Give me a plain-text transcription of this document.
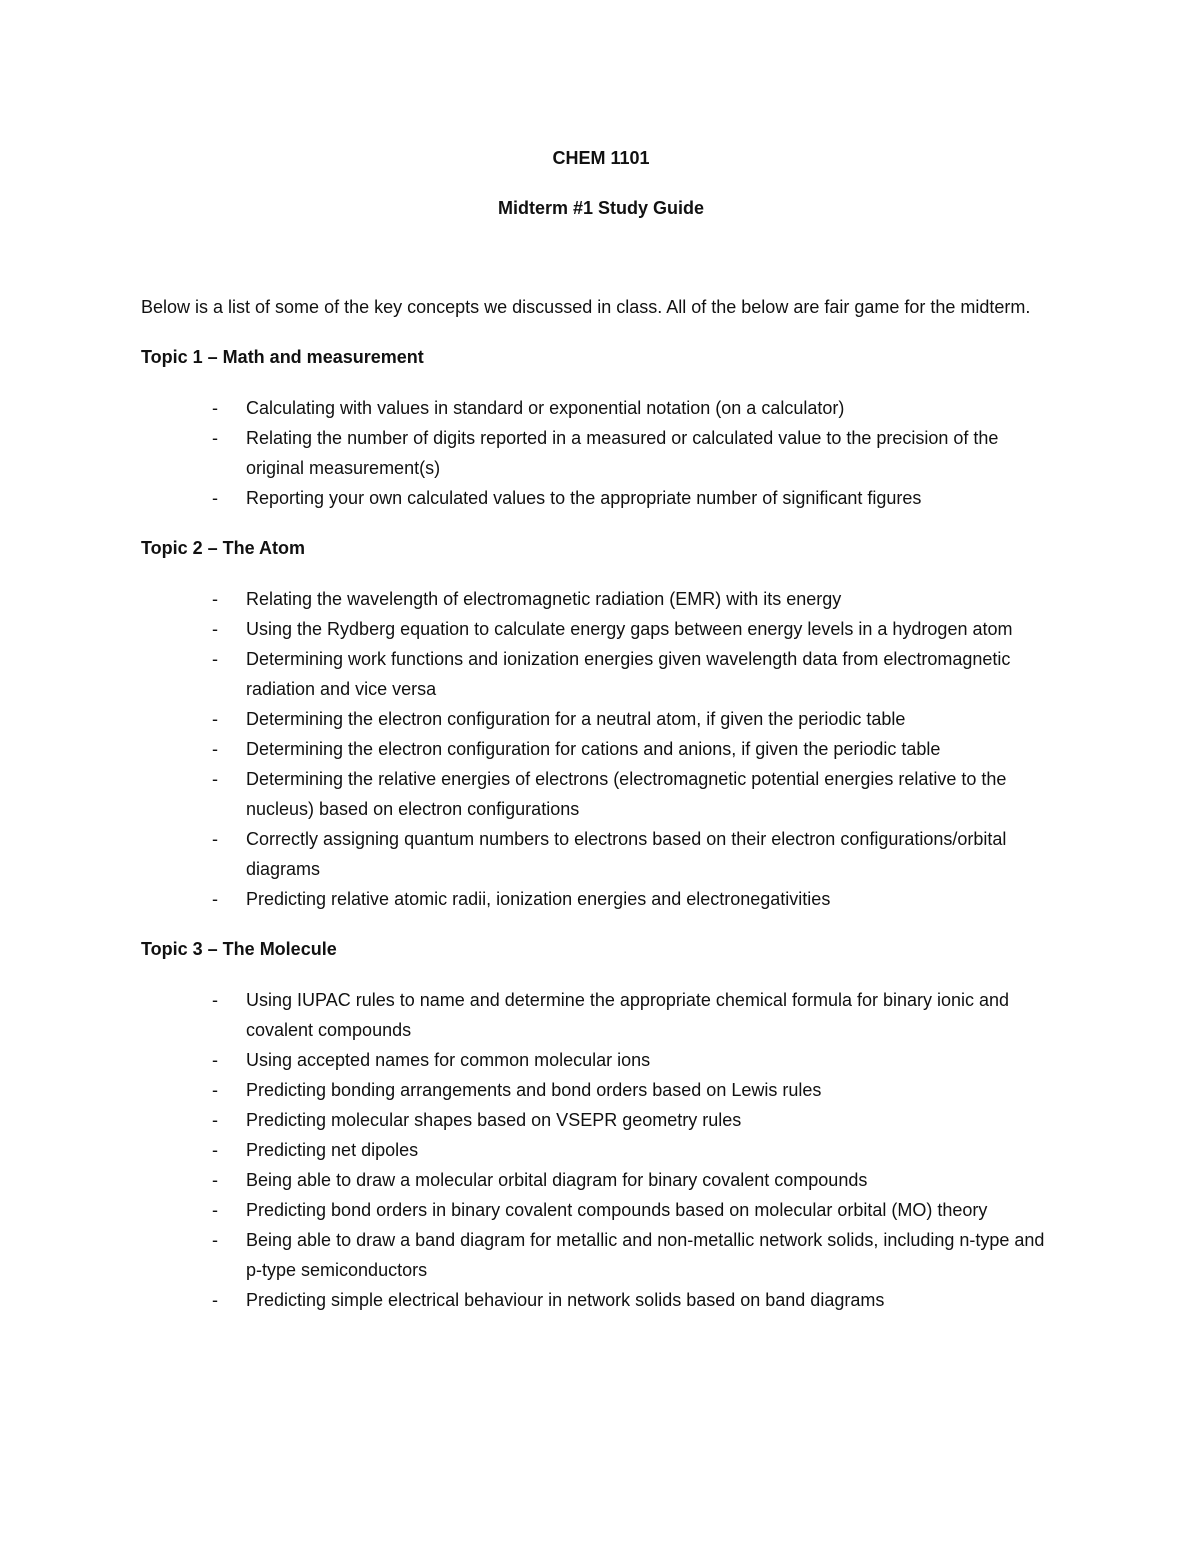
CHEM 1101

Midterm #1 Study Guide

Below is a list of some of the key concepts we discussed in class. All of the below are fair game for the midterm.

Topic 1 – Math and measurement

- Calculating with values in standard or exponential notation (on a calculator)
- Relating the number of digits reported in a measured or calculated value to the precision of the original measurement(s)
- Reporting your own calculated values to the appropriate number of significant figures

Topic 2 – The Atom

- Relating the wavelength of electromagnetic radiation (EMR) with its energy
- Using the Rydberg equation to calculate energy gaps between energy levels in a hydrogen atom
- Determining work functions and ionization energies given wavelength data from electromagnetic radiation and vice versa
- Determining the electron configuration for a neutral atom, if given the periodic table
- Determining the electron configuration for cations and anions, if given the periodic table
- Determining the relative energies of electrons (electromagnetic potential energies relative to the nucleus) based on electron configurations
- Correctly assigning quantum numbers to electrons based on their electron configurations/orbital diagrams
- Predicting relative atomic radii, ionization energies and electronegativities

Topic 3 – The Molecule

- Using IUPAC rules to name and determine the appropriate chemical formula for binary ionic and covalent compounds
- Using accepted names for common molecular ions
- Predicting bonding arrangements and bond orders based on Lewis rules
- Predicting molecular shapes based on VSEPR geometry rules
- Predicting net dipoles
- Being able to draw a molecular orbital diagram for binary covalent compounds
- Predicting bond orders in binary covalent compounds based on molecular orbital (MO) theory
- Being able to draw a band diagram for metallic and non-metallic network solids, including n-type and p-type semiconductors
- Predicting simple electrical behaviour in network solids based on band diagrams
